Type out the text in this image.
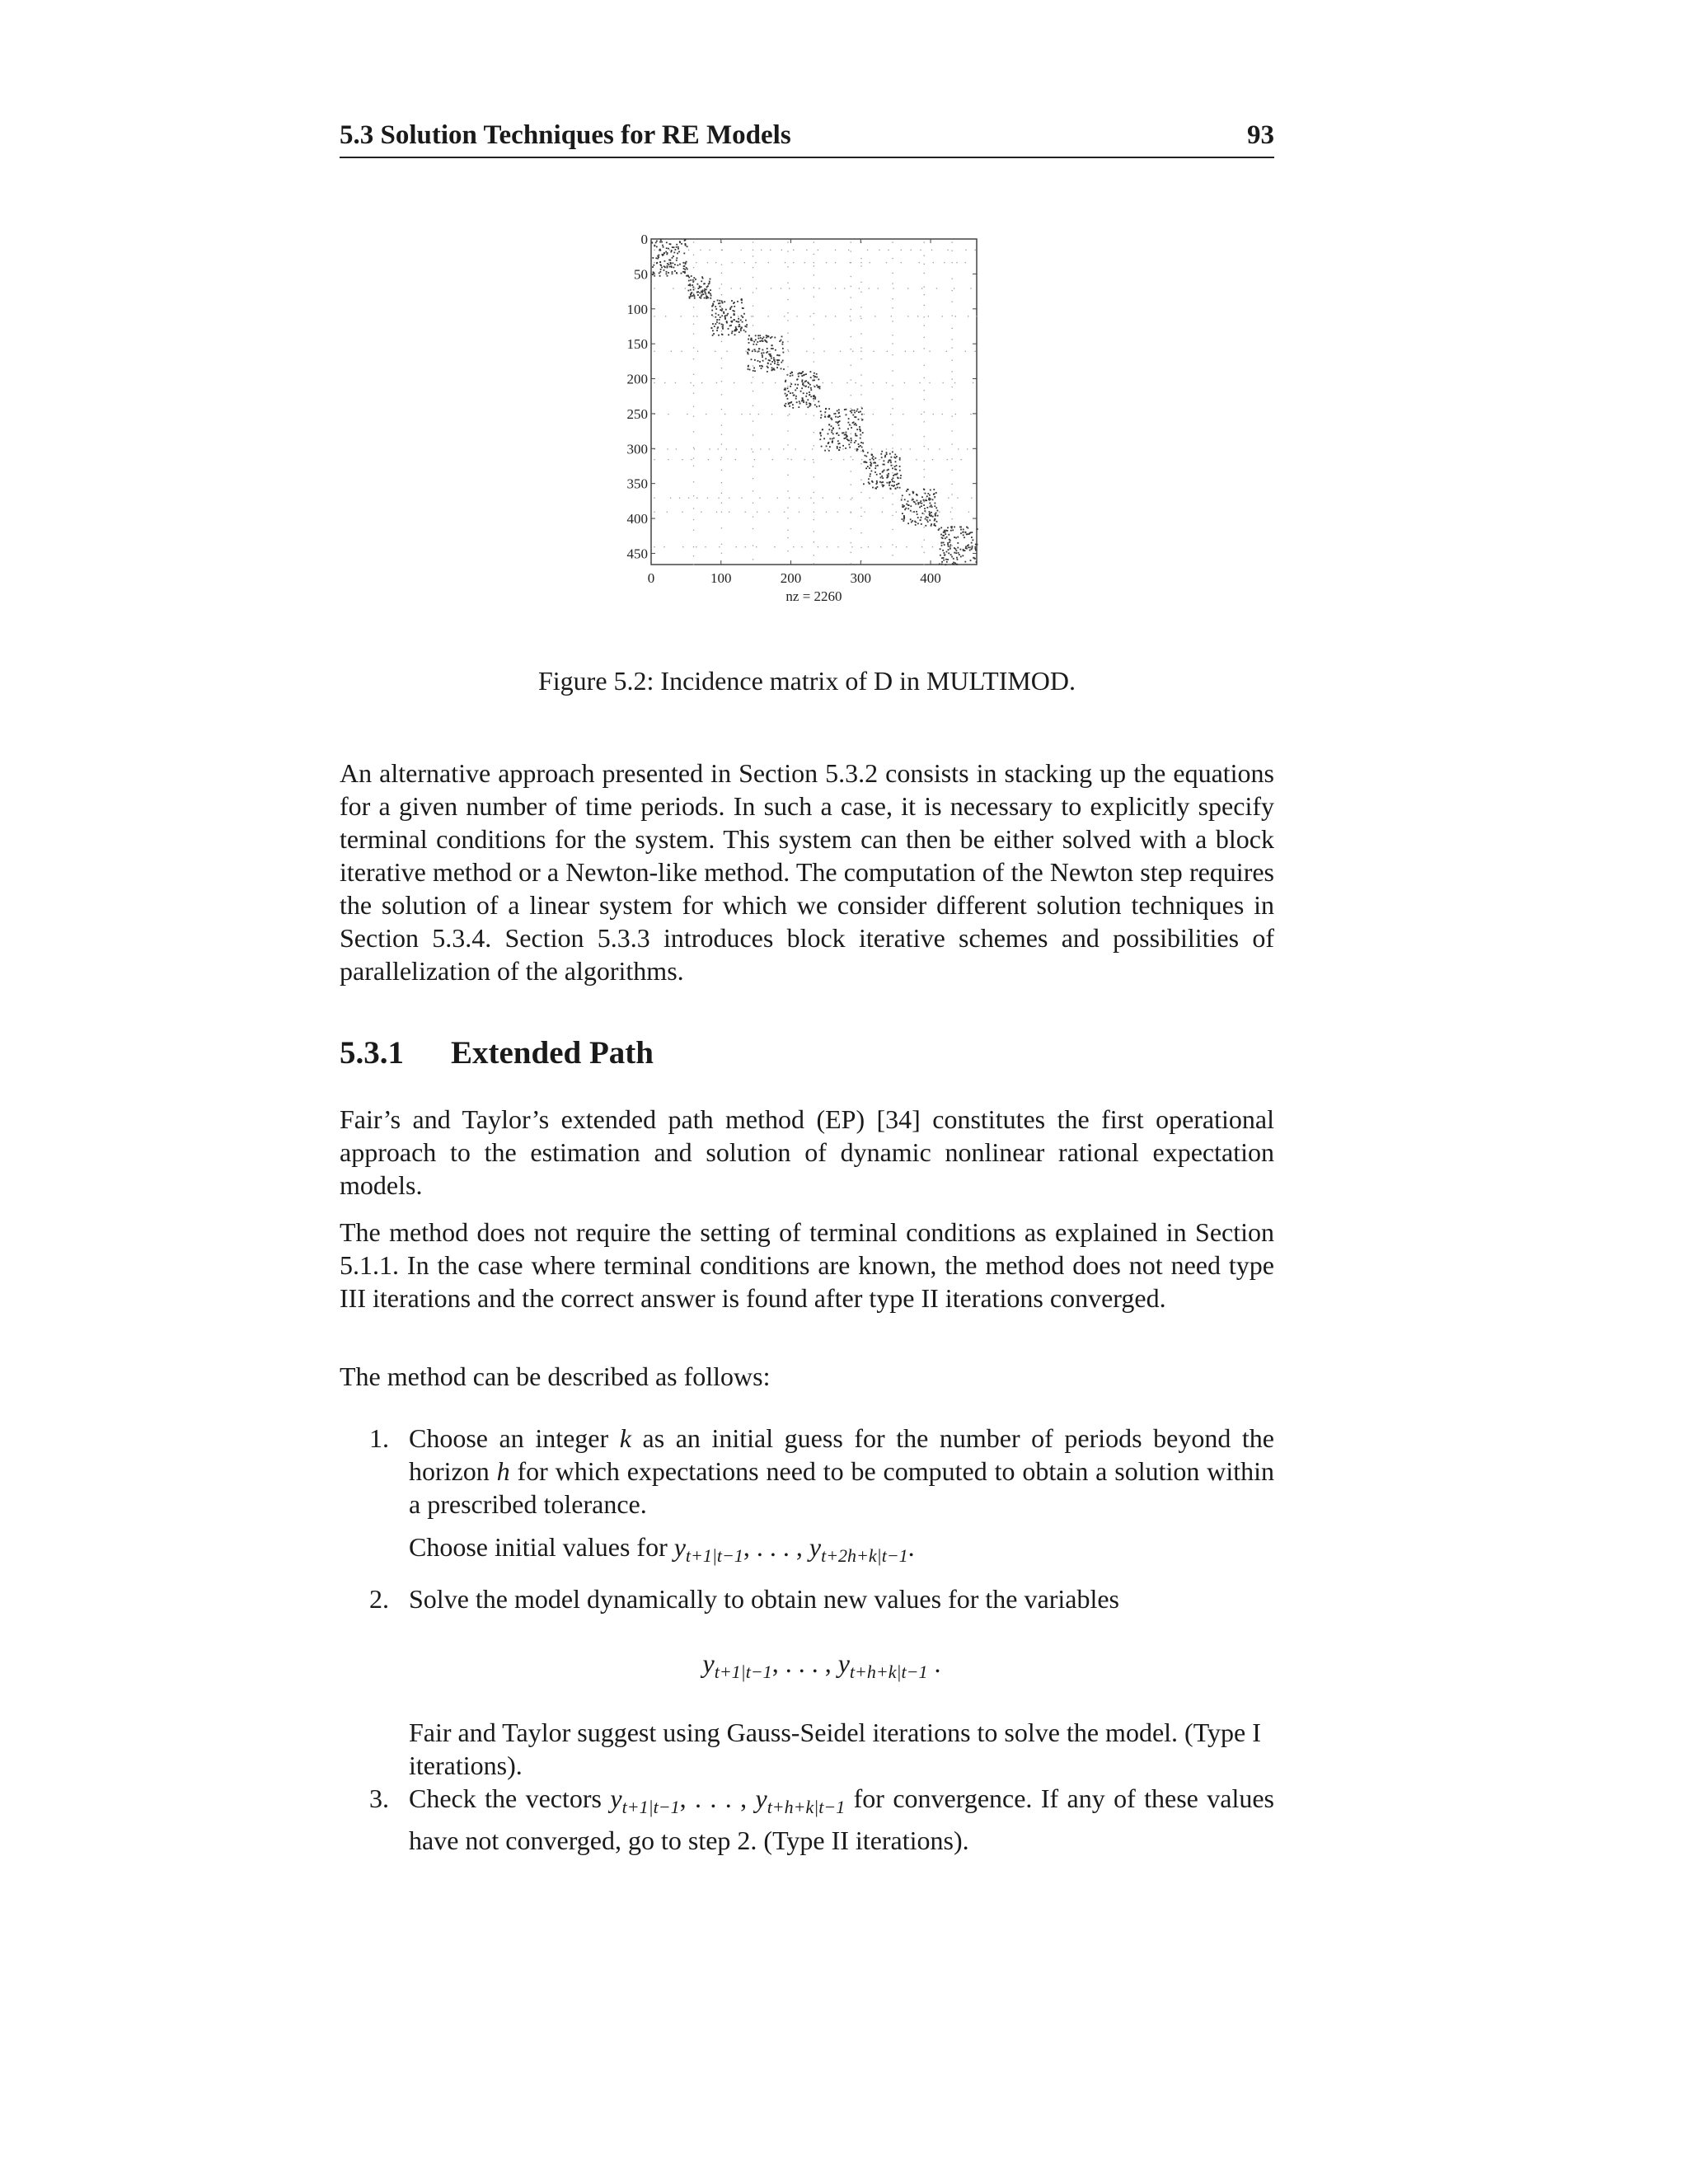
5.3 Solution Techniques for RE Models	93
0
50
100
150
200
250
300
350
400
450
0	100	200	300	400
nz = 2260
Figure 5.2: Incidence matrix of D in MULTIMOD.

An alternative approach presented in Section 5.3.2 consists in stacking up the equations for a given number of time periods. In such a case, it is necessary to explicitly specify terminal conditions for the system. This system can then be either solved with a block iterative method or a Newton-like method. The computation of the Newton step requires the solution of a linear system for which we consider different solution techniques in Section 5.3.4. Section 5.3.3 introduces block iterative schemes and possibilities of parallelization of the algorithms.

5.3.1 Extended Path

Fair’s and Taylor’s extended path method (EP) [34] constitutes the first operational approach to the estimation and solution of dynamic nonlinear rational expectation models.

The method does not require the setting of terminal conditions as explained in Section 5.1.1. In the case where terminal conditions are known, the method does not need type III iterations and the correct answer is found after type II iterations converged.

The method can be described as follows:

1. Choose an integer k as an initial guess for the number of periods beyond the horizon h for which expectations need to be computed to obtain a solution within a prescribed tolerance.
Choose initial values for $y_{t+1|t-1}$, . . . , $y_{t+2h+k|t-1}$.
2. Solve the model dynamically to obtain new values for the variables
$y_{t+1|t-1}$, . . . , $y_{t+h+k|t-1}$ .
Fair and Taylor suggest using Gauss-Seidel iterations to solve the model. (Type I iterations).
3. Check the vectors $y_{t+1|t-1}$, . . . , $y_{t+h+k|t-1}$ for convergence. If any of these values have not converged, go to step 2. (Type II iterations).
